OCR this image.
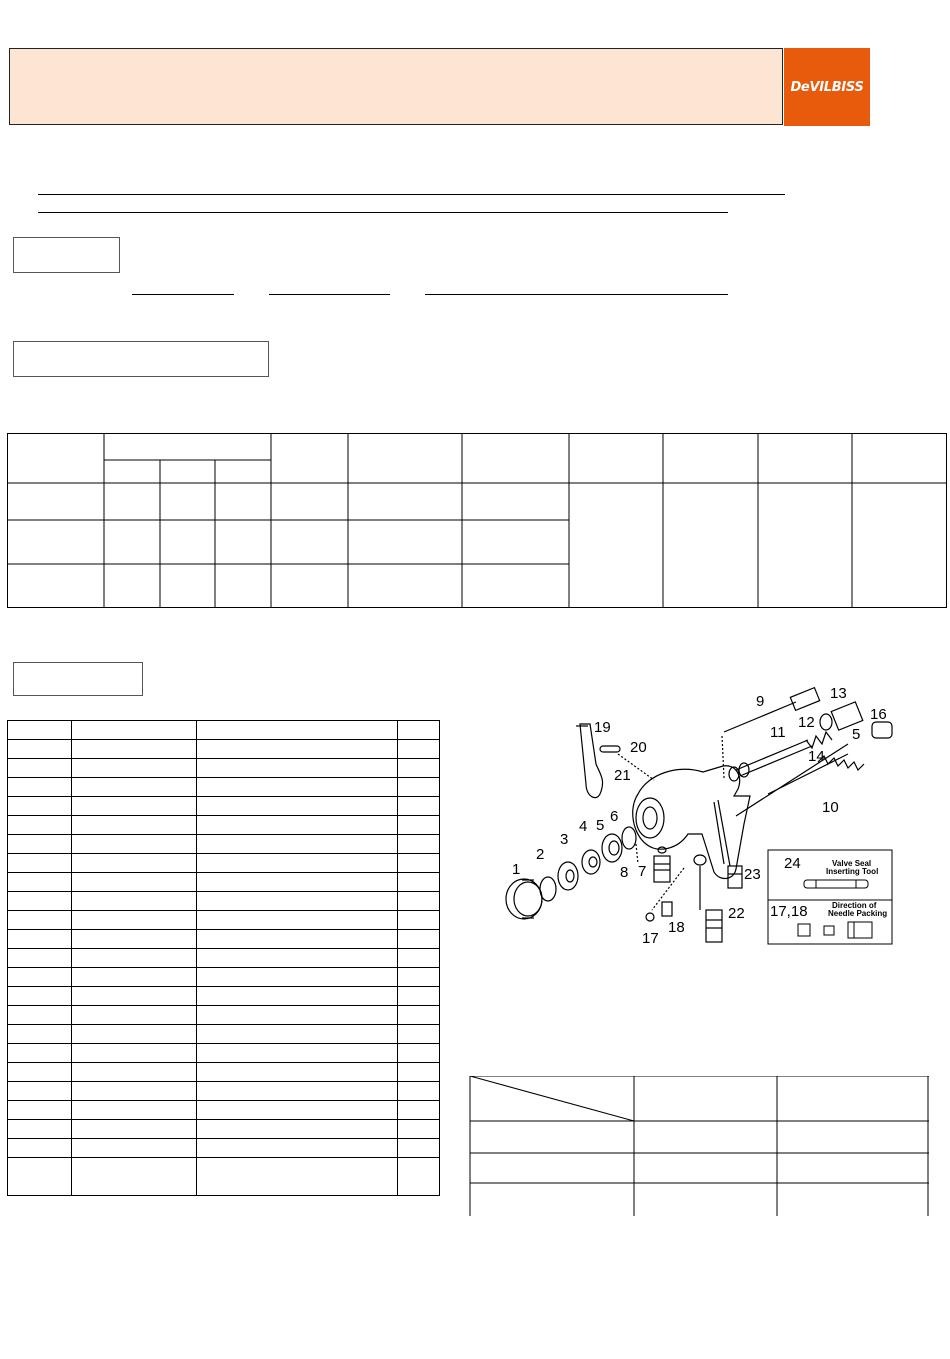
DeVILBISS

1
2
3
4 5
6
7
8
9
10
11
12
13
14
5
16
17
18
19
20
21
22
23
24	Valve Seal
Inserting Tool
17,18	Direction of
Needle Packing
